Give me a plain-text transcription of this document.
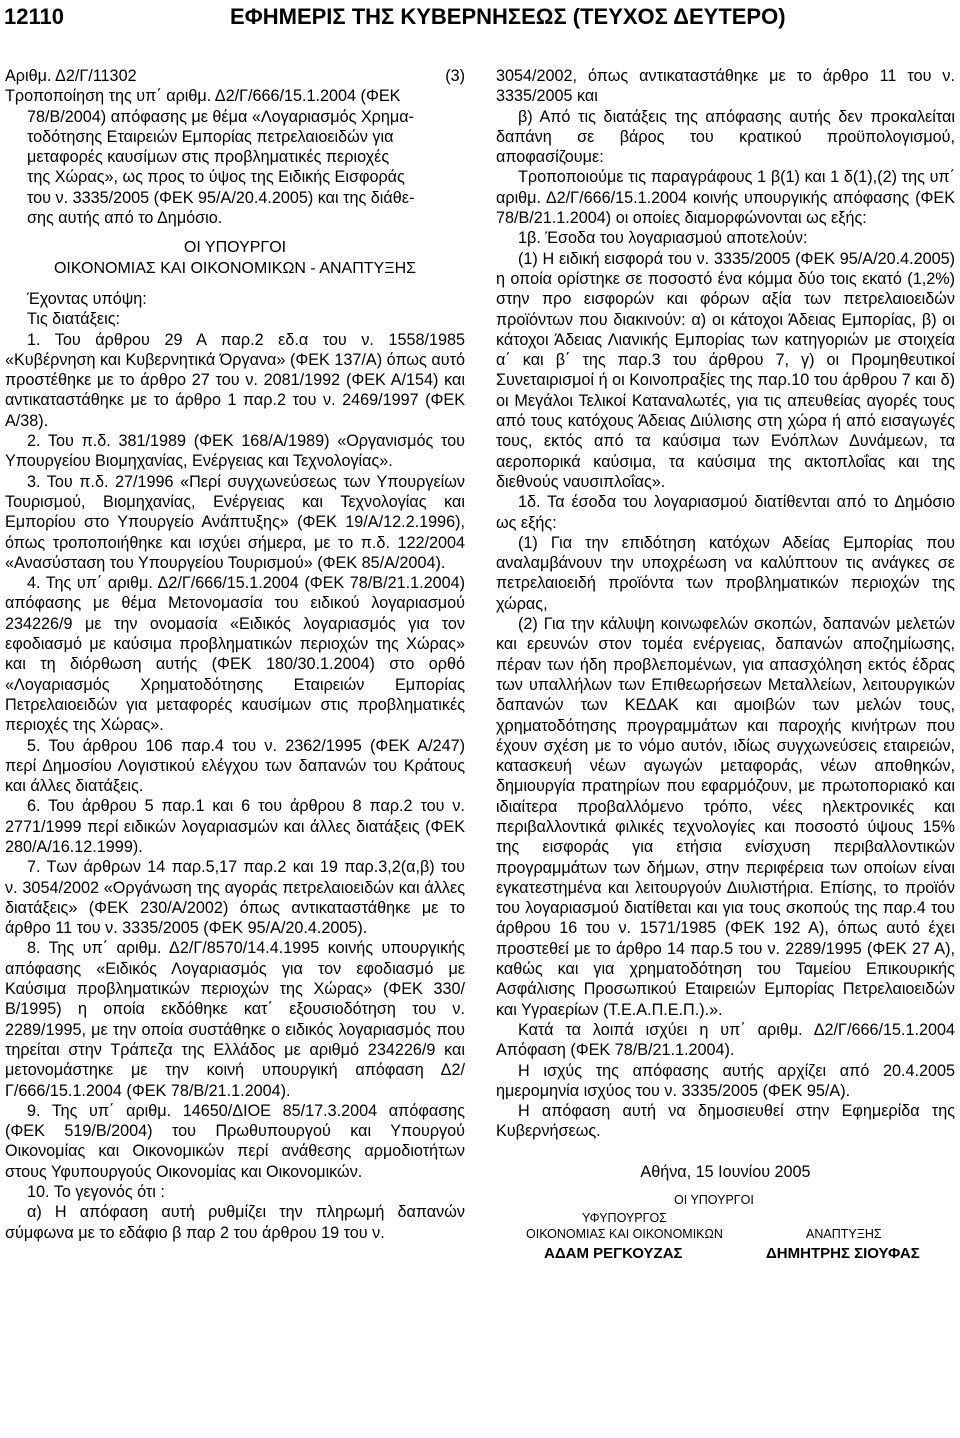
12110	ΕΦΗΜΕΡΙΣ ΤΗΣ ΚΥΒΕΡΝΗΣΕΩΣ (ΤΕΥΧΟΣ ΔΕΥΤΕΡΟ)
Αριθμ. Δ2/Γ/11302	(3)

Τροποποίηση της υπ΄ αριθμ. Δ2/Γ/666/15.1.2004 (ΦΕΚ

78/Β/2004) απόφασης με θέμα «Λογαριασμός Χρημα-

τοδότησης Εταιρειών Εμπορίας πετρελαιοειδών για

μεταφορές καυσίμων στις προβληματικές περιοχές

της Χώρας», ως προς το ύψος της Ειδικής Εισφοράς

του ν. 3335/2005 (ΦΕΚ 95/Α/20.4.2005) και της διάθε-

σης αυτής από το Δημόσιο.

ΟΙ ΥΠΟΥΡΓΟΙ

ΟΙΚΟΝΟΜΙΑΣ ΚΑΙ ΟΙΚΟΝΟΜΙΚΩΝ - ΑΝΑΠΤΥΞΗΣ

Έχοντας υπόψη:

Τις διατάξεις:

1. Του άρθρου 29 Α παρ.2 εδ.α του ν. 1558/1985 «Κυβέρνηση και Κυβερνητικά Όργανα» (ΦΕΚ 137/Α) όπως αυτό προστέθηκε με το άρθρο 27 του ν. 2081/1992 (ΦΕΚ Α/154) και αντικαταστάθηκε με το άρθρο 1 παρ.2 του ν. 2469/1997 (ΦΕΚ Α/38).

2. Του π.δ. 381/1989 (ΦΕΚ 168/Α/1989) «Οργανισμός του Υπουργείου Βιομηχανίας, Ενέργειας και Τεχνολογίας».

3. Του π.δ. 27/1996 «Περί συγχωνεύσεως των Υπουργείων Τουρισμού, Βιομηχανίας, Ενέργειας και Τεχνολογίας και Εμπορίου στο Υπουργείο Ανάπτυξης» (ΦΕΚ 19/Α/12.2.1996), όπως τροποποιήθηκε και ισχύει σήμερα, με το π.δ. 122/2004 «Ανασύσταση του Υπουργείου Τουρισμού» (ΦΕΚ 85/Α/2004).

4. Της υπ΄ αριθμ. Δ2/Γ/666/15.1.2004 (ΦΕΚ 78/Β/21.1.2004) απόφασης με θέμα Μετονομασία του ειδικού λογαριασμού 234226/9 με την ονομασία «Ειδικός λογαριασμός για τον εφοδιασμό με καύσιμα προβληματικών περιοχών της Χώρας» και τη διόρθωση αυτής (ΦΕΚ 180/30.1.2004) στο ορθό «Λογαριασμός Χρηματοδότησης Εταιρειών Εμπορίας Πετρελαιοειδών για μεταφορές καυσίμων στις προβληματικές περιοχές της Χώρας».

5. Του άρθρου 106 παρ.4 του ν. 2362/1995 (ΦΕΚ Α/247) περί Δημοσίου Λογιστικού ελέγχου των δαπανών του Κράτους και άλλες διατάξεις.

6. Του άρθρου 5 παρ.1 και 6 του άρθρου 8 παρ.2 του ν. 2771/1999 περί ειδικών λογαριασμών και άλλες διατάξεις (ΦΕΚ 280/Α/16.12.1999).

7. Των άρθρων 14 παρ.5,17 παρ.2 και 19 παρ.3,2(α,β) του ν. 3054/2002 «Οργάνωση της αγοράς πετρελαιοειδών και άλλες διατάξεις» (ΦΕΚ 230/Α/2002) όπως αντικαταστάθηκε με το άρθρο 11 του ν. 3335/2005 (ΦΕΚ 95/Α/20.4.2005).

8. Της υπ΄ αριθμ. Δ2/Γ/8570/14.4.1995 κοινής υπουργικής απόφασης «Ειδικός Λογαριασμός για τον εφοδιασμό με Καύσιμα προβληματικών περιοχών της Χώρας» (ΦΕΚ 330/Β/1995) η οποία εκδόθηκε κατ΄ εξουσιοδότηση του ν. 2289/1995, με την οποία συστάθηκε ο ειδικός λογαριασμός που τηρείται στην Τράπεζα της Ελλάδος με αριθμό 234226/9 και μετονομάστηκε με την κοινή υπουργική απόφαση Δ2/Γ/666/15.1.2004 (ΦΕΚ 78/Β/21.1.2004).

9. Της υπ΄ αριθμ. 14650/ΔΙΟΕ 85/17.3.2004 απόφασης (ΦΕΚ 519/Β/2004) του Πρωθυπουργού και Υπουργού Οικονομίας και Οικονομικών περί ανάθεσης αρμοδιοτήτων στους Υφυπουργούς Οικονομίας και Οικονομικών.

10. Το γεγονός ότι :

α) Η απόφαση αυτή ρυθμίζει την πληρωμή δαπανών σύμφωνα με το εδάφιο β παρ 2 του άρθρου 19 του ν.

3054/2002, όπως αντικαταστάθηκε με το άρθρο 11 του ν. 3335/2005 και

β) Από τις διατάξεις της απόφασης αυτής δεν προκαλείται δαπάνη σε βάρος του κρατικού προϋπολογισμού, αποφασίζουμε:

Τροποποιούμε τις παραγράφους 1 β(1) και 1 δ(1),(2) της υπ΄ αριθμ. Δ2/Γ/666/15.1.2004 κοινής υπουργικής απόφασης (ΦΕΚ 78/Β/21.1.2004) οι οποίες διαμορφώνονται ως εξής:

1β. Έσοδα του λογαριασμού αποτελούν:

(1) Η ειδική εισφορά του ν. 3335/2005 (ΦΕΚ 95/Α/20.4.2005) η οποία ορίστηκε σε ποσοστό ένα κόμμα δύο τοις εκατό (1,2%) στην προ εισφορών και φόρων αξία των πετρελαιοειδών προϊόντων που διακινούν: α) οι κάτοχοι Άδειας Εμπορίας, β) οι κάτοχοι Άδειας Λιανικής Εμπορίας των κατηγοριών με στοιχεία α΄ και β΄ της παρ.3 του άρθρου 7, γ) οι Προμηθευτικοί Συνεταιρισμοί ή οι Κοινοπραξίες της παρ.10 του άρθρου 7 και δ) οι Μεγάλοι Τελικοί Καταναλωτές, για τις απευθείας αγορές τους από τους κατόχους Άδειας Διύλισης στη χώρα ή από εισαγωγές τους, εκτός από τα καύσιμα των Ενόπλων Δυνάμεων, τα αεροπορικά καύσιμα, τα καύσιμα της ακτοπλοΐας και της διεθνούς ναυσιπλοΐας».

1δ. Τα έσοδα του λογαριασμού διατίθενται από το Δημόσιο ως εξής:

(1) Για την επιδότηση κατόχων Αδείας Εμπορίας που αναλαμβάνουν την υποχρέωση να καλύπτουν τις ανάγκες σε πετρελαιοειδή προϊόντα των προβληματικών περιοχών της χώρας,

(2) Για την κάλυψη κοινωφελών σκοπών, δαπανών μελετών και ερευνών στον τομέα ενέργειας, δαπανών αποζημίωσης, πέραν των ήδη προβλεπομένων, για απασχόληση εκτός έδρας των υπαλλήλων των Επιθεωρήσεων Μεταλλείων, λειτουργικών δαπανών των ΚΕΔΑΚ και αμοιβών των μελών τους, χρηματοδότησης προγραμμάτων και παροχής κινήτρων που έχουν σχέση με το νόμο αυτόν, ιδίως συγχωνεύσεις εταιρειών, κατασκευή νέων αγωγών μεταφοράς, νέων αποθηκών, δημιουργία πρατηρίων που εφαρμόζουν, με πρωτοποριακό και ιδιαίτερα προβαλλόμενο τρόπο, νέες ηλεκτρονικές και περιβαλλοντικά φιλικές τεχνολογίες και ποσοστό ύψους 15% της εισφοράς για ετήσια ενίσχυση περιβαλλοντικών προγραμμάτων των δήμων, στην περιφέρεια των οποίων είναι εγκατεστημένα και λειτουργούν Διυλιστήρια. Επίσης, το προϊόν του λογαριασμού διατίθεται και για τους σκοπούς της παρ.4 του άρθρου 16 του ν. 1571/1985 (ΦΕΚ 192 Α), όπως αυτό έχει προστεθεί με το άρθρο 14 παρ.5 του ν. 2289/1995 (ΦΕΚ 27 Α), καθώς και για χρηματοδότηση του Ταμείου Επικουρικής Ασφάλισης Προσωπικού Εταιρειών Εμπορίας Πετρελαιοειδών και Υγραερίων (Τ.Ε.Α.Π.Ε.Π.).».

Κατά τα λοιπά ισχύει η υπ΄ αριθμ. Δ2/Γ/666/15.1.2004 Απόφαση (ΦΕΚ 78/Β/21.1.2004).

Η ισχύς της απόφασης αυτής αρχίζει από 20.4.2005 ημερομηνία ισχύος του ν. 3335/2005 (ΦΕΚ 95/Α).

Η απόφαση αυτή να δημοσιευθεί στην Εφημερίδα της Κυβερνήσεως.

Αθήνα, 15 Ιουνίου 2005

ΟΙ ΥΠΟΥΡΓΟΙ
ΥΦΥΠΟΥΡΓΟΣ
ΟΙΚΟΝΟΜΙΑΣ ΚΑΙ ΟΙΚΟΝΟΜΙΚΩΝ	ΑΝΑΠΤΥΞΗΣ
ΑΔΑΜ ΡΕΓΚΟΥΖΑΣ	ΔΗΜΗΤΡΗΣ ΣΙΟΥΦΑΣ
